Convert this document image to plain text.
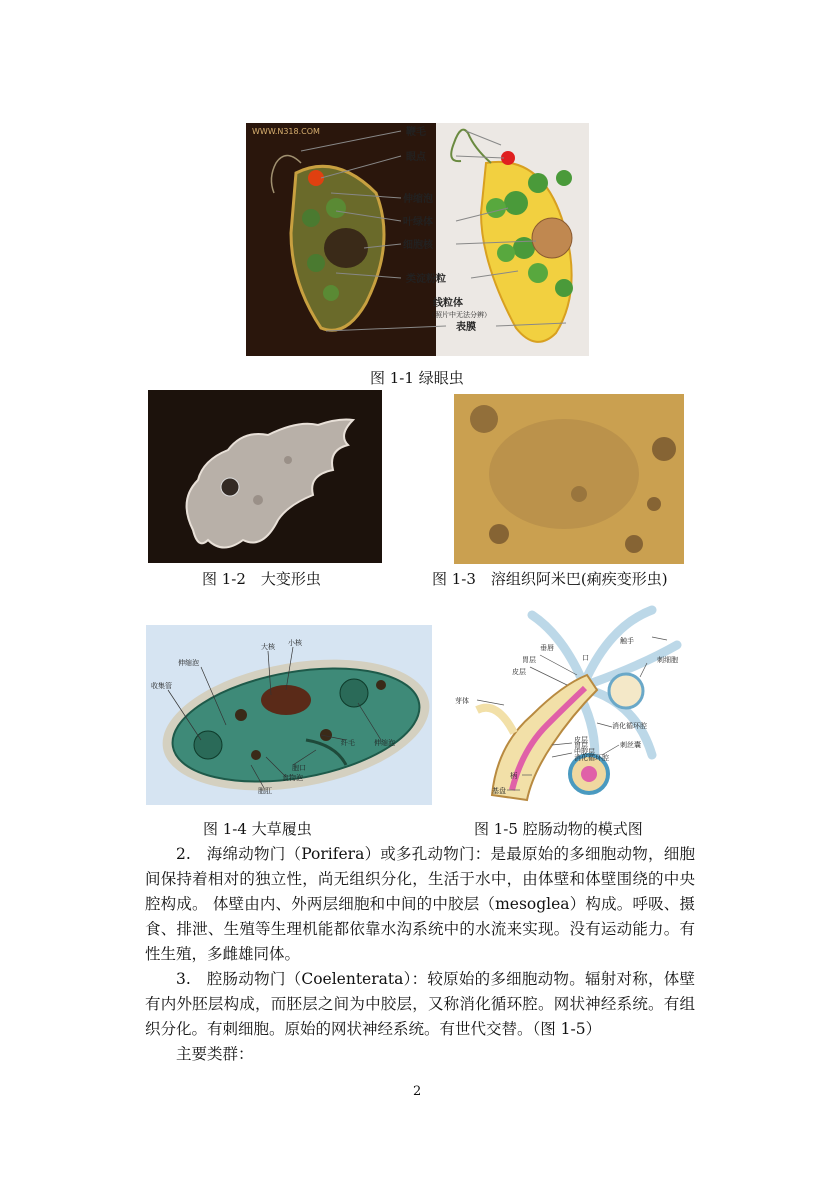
WWW.N318.COM	鞭毛
眼点
伸缩泡
叶绿体
细胞核
类淀粉粒
线粒体
（照片中无法分辨）
表膜
图 1-1 绿眼虫
图 1-2　大变形虫	图 1-3　溶组织阿米巴(痢疾变形虫)
小核
大核
伸缩泡
收集管
纤毛	伸缩泡
胞口
食物泡
胞肛
图 1-4 大草履虫
触手
刺细胞
垂唇
胃层	口
皮层
芽体
消化循环腔
皮层
胃层
中胶层
消化循环腔
刺丝囊
柄
基盘
图 1-5 腔肠动物的模式图

2.　海绵动物门（Porifera）或多孔动物门：是最原始的多细胞动物，细胞间保持着相对的独立性，尚无组织分化，生活于水中，由体壁和体壁围绕的中央腔构成。 体壁由内、外两层细胞和中间的中胶层（mesoglea）构成。呼吸、摄食、排泄、生殖等生理机能都依靠水沟系统中的水流来实现。没有运动能力。有性生殖，多雌雄同体。

3.　腔肠动物门（Coelenterata）：较原始的多细胞动物。辐射对称，体壁有内外胚层构成，而胚层之间为中胶层，又称消化循环腔。网状神经系统。有组织分化。有刺细胞。原始的网状神经系统。有世代交替。（图 1-5）

主要类群：

2
